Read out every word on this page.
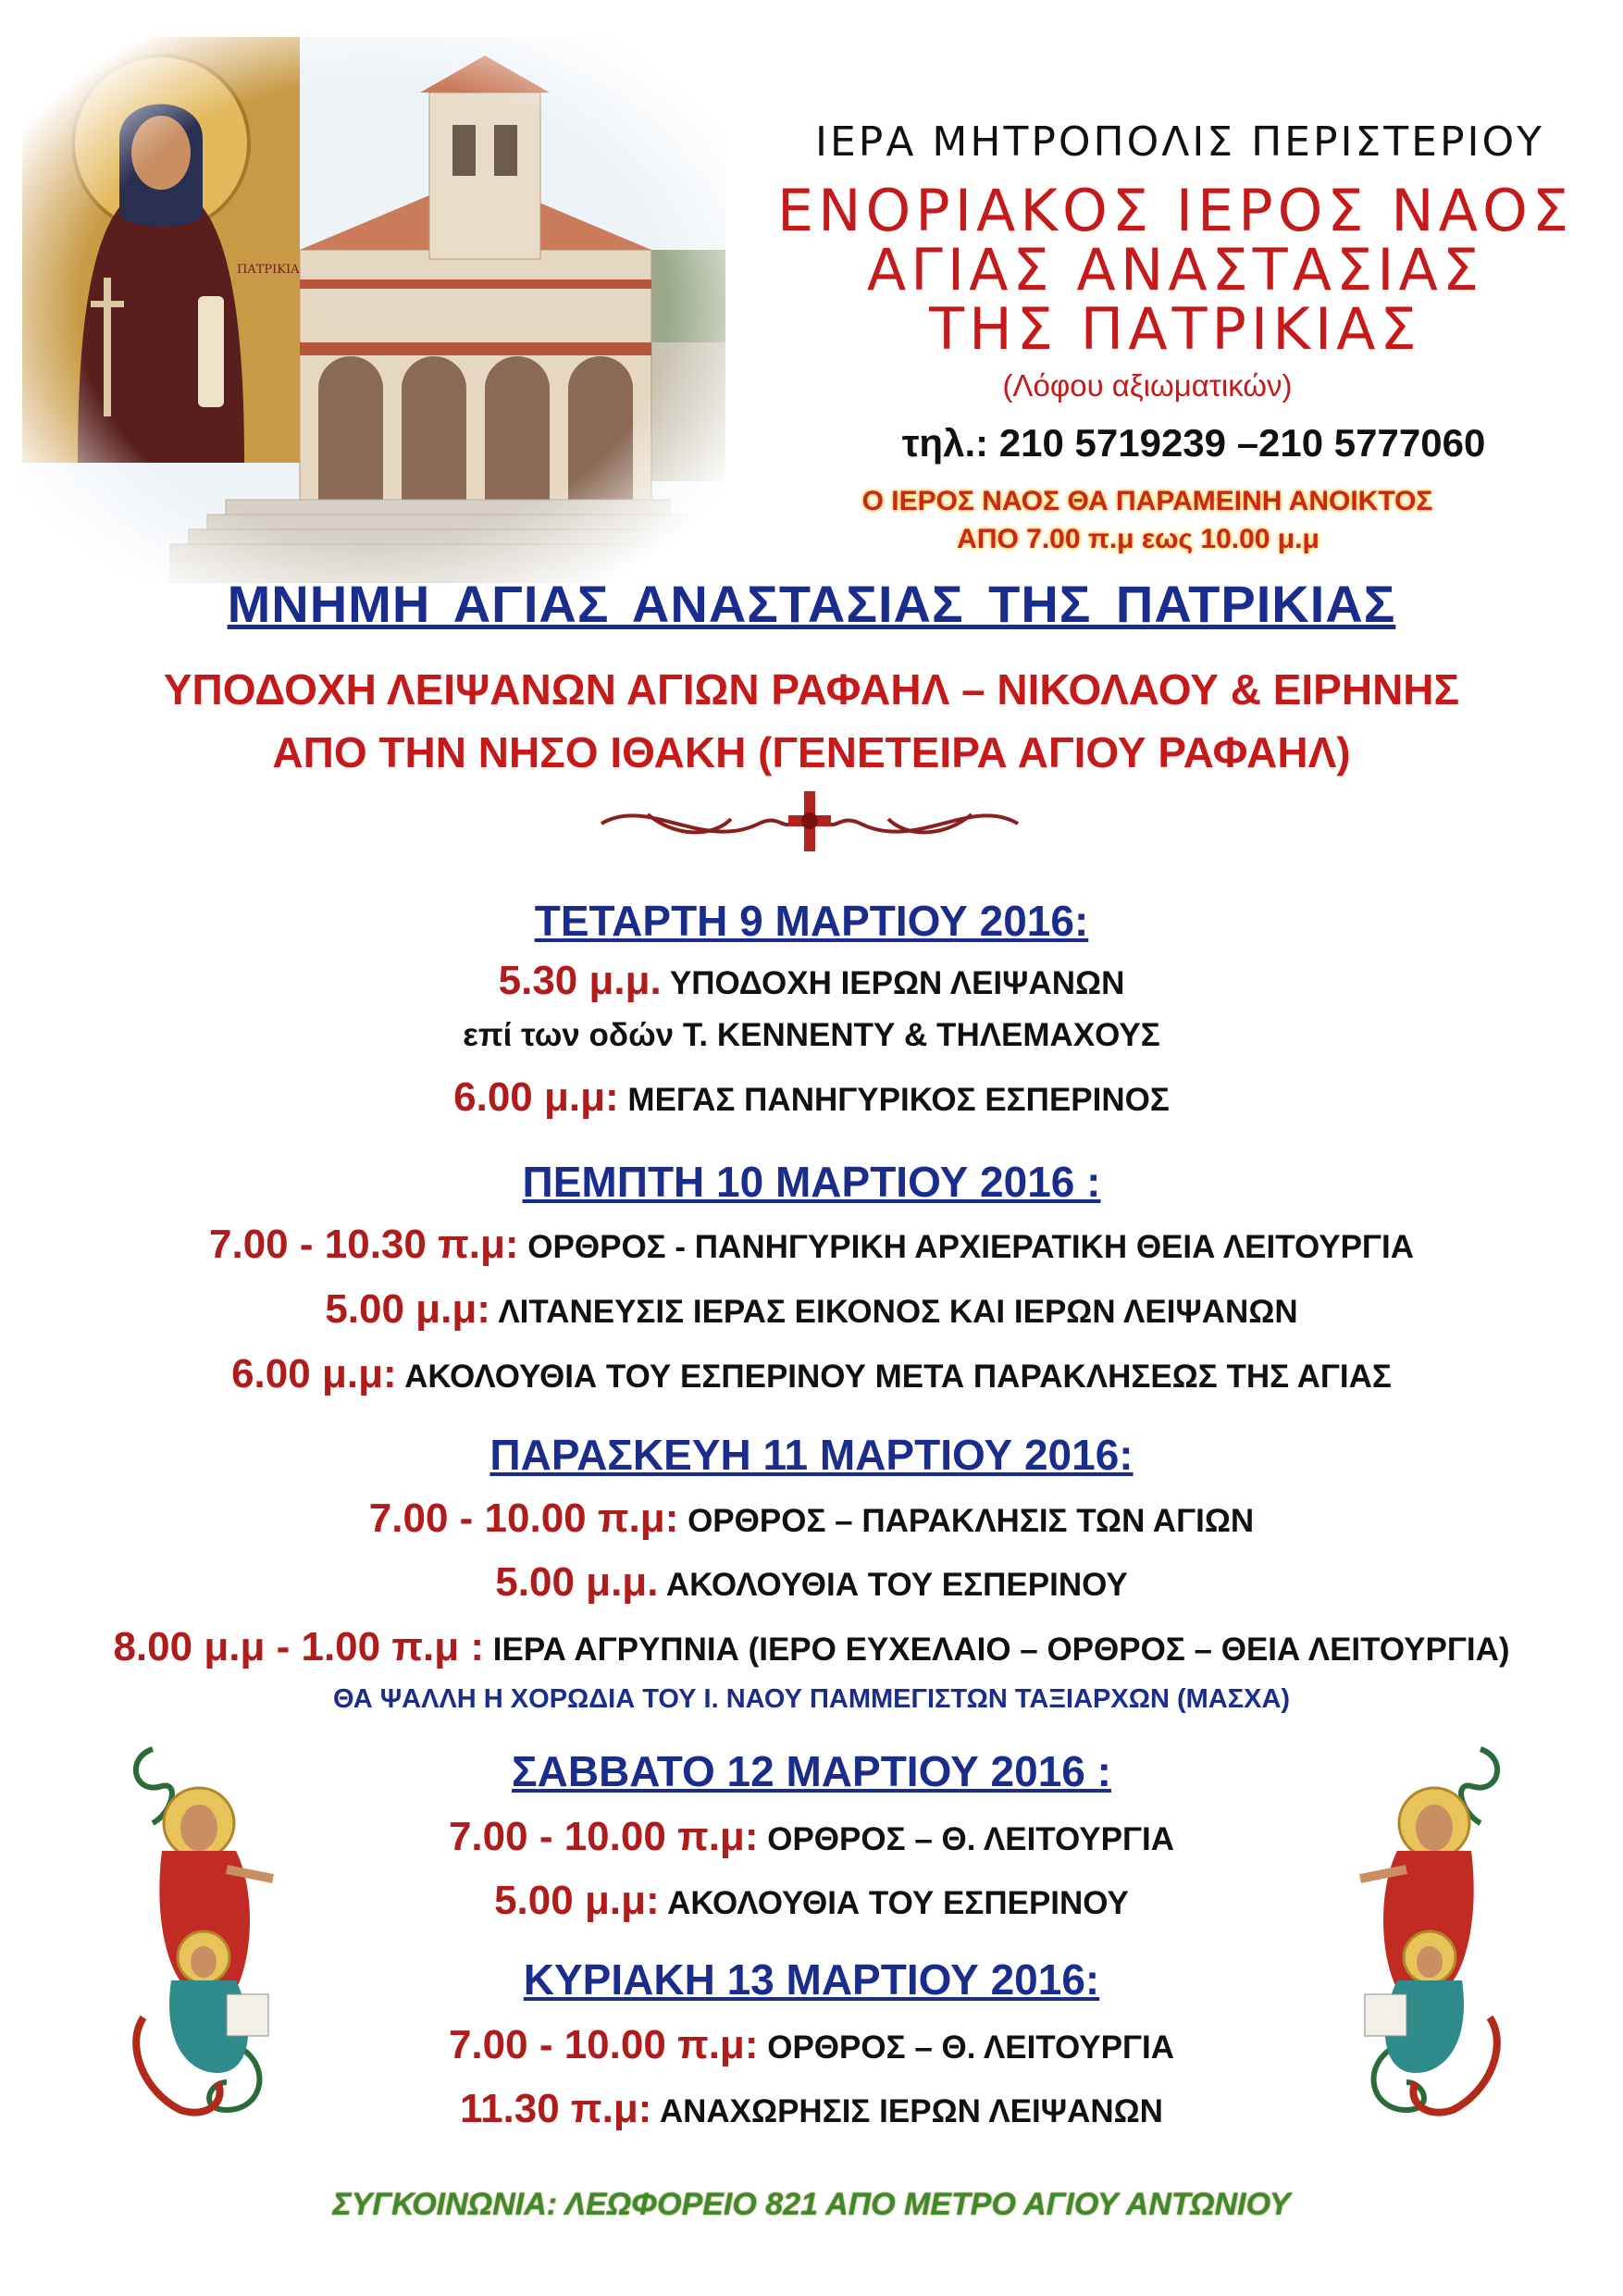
ΙΕΡΑ ΜΗΤΡΟΠΟΛΙΣ ΠΕΡΙΣΤΕΡΙΟΥ
ΕΝΟΡΙΑΚΟΣ ΙΕΡΟΣ ΝΑΟΣ
ΑΓΙΑΣ ΑΝΑΣΤΑΣΙΑΣ
ΤΗΣ ΠΑΤΡΙΚΙΑΣ
(Λόφου αξιωματικών)
τηλ.: 210 5719239 –210 5777060
Ο ΙΕΡΟΣ ΝΑΟΣ ΘΑ ΠΑΡΑΜΕΙΝΗ ΑΝΟΙΚΤΟΣ
ΑΠΟ 7.00 π.μ εως 10.00 μ.μ
ΜΝΗΜΗ ΑΓΙΑΣ ΑΝΑΣΤΑΣΙΑΣ ΤΗΣ ΠΑΤΡΙΚΙΑΣ
ΥΠΟΔΟΧΗ ΛΕΙΨΑΝΩΝ ΑΓΙΩΝ ΡΑΦΑΗΛ – ΝΙΚΟΛΑΟΥ & ΕΙΡΗΝΗΣ
ΑΠΟ ΤΗΝ ΝΗΣΟ ΙΘΑΚΗ (ΓΕΝΕΤΕΙΡΑ ΑΓΙΟΥ ΡΑΦΑΗΛ)
ΤΕΤΑΡΤΗ 9 ΜΑΡΤΙΟΥ 2016:
5.30 μ.μ. ΥΠΟΔΟΧΗ ΙΕΡΩΝ ΛΕΙΨΑΝΩΝ
επί των οδών Τ. ΚΕΝΝΕΝΤΥ & ΤΗΛΕΜΑΧΟΥΣ
6.00 μ.μ: ΜΕΓΑΣ ΠΑΝΗΓΥΡΙΚΟΣ ΕΣΠΕΡΙΝΟΣ
ΠΕΜΠΤΗ 10 ΜΑΡΤΙΟΥ 2016 :
7.00 - 10.30 π.μ: ΟΡΘΡΟΣ - ΠΑΝΗΓΥΡΙΚΗ ΑΡΧΙΕΡΑΤΙΚΗ ΘΕΙΑ ΛΕΙΤΟΥΡΓΙΑ
5.00 μ.μ: ΛΙΤΑΝΕΥΣΙΣ ΙΕΡΑΣ ΕΙΚΟΝΟΣ ΚΑΙ ΙΕΡΩΝ ΛΕΙΨΑΝΩΝ
6.00 μ.μ: ΑΚΟΛΟΥΘΙΑ ΤΟΥ ΕΣΠΕΡΙΝΟΥ ΜΕΤΑ ΠΑΡΑΚΛΗΣΕΩΣ ΤΗΣ ΑΓΙΑΣ
ΠΑΡΑΣΚΕΥΗ 11 ΜΑΡΤΙΟΥ 2016:
7.00 - 10.00 π.μ: ΟΡΘΡΟΣ – ΠΑΡΑΚΛΗΣΙΣ ΤΩΝ ΑΓΙΩΝ
5.00 μ.μ. ΑΚΟΛΟΥΘΙΑ ΤΟΥ ΕΣΠΕΡΙΝΟΥ
8.00 μ.μ - 1.00 π.μ : ΙΕΡΑ ΑΓΡΥΠΝΙΑ (ΙΕΡΟ ΕΥΧΕΛΑΙΟ – ΟΡΘΡΟΣ – ΘΕΙΑ ΛΕΙΤΟΥΡΓΙΑ)
ΘΑ ΨΑΛΛΗ Η ΧΟΡΩΔΙΑ ΤΟΥ Ι. ΝΑΟΥ ΠΑΜΜΕΓΙΣΤΩΝ ΤΑΞΙΑΡΧΩΝ (ΜΑΣΧΑ)
ΣΑΒΒΑΤΟ 12 ΜΑΡΤΙΟΥ 2016 :
7.00 - 10.00 π.μ: ΟΡΘΡΟΣ – Θ. ΛΕΙΤΟΥΡΓΙΑ
5.00 μ.μ: ΑΚΟΛΟΥΘΙΑ ΤΟΥ ΕΣΠΕΡΙΝΟΥ
ΚΥΡΙΑΚΗ 13 ΜΑΡΤΙΟΥ 2016:
7.00 - 10.00 π.μ: ΟΡΘΡΟΣ – Θ. ΛΕΙΤΟΥΡΓΙΑ
11.30 π.μ: ΑΝΑΧΩΡΗΣΙΣ ΙΕΡΩΝ ΛΕΙΨΑΝΩΝ
ΣΥΓΚΟΙΝΩΝΙΑ: ΛΕΩΦΟΡΕΙΟ 821 ΑΠΟ ΜΕΤΡΟ ΑΓΙΟΥ ΑΝΤΩΝΙΟΥ
